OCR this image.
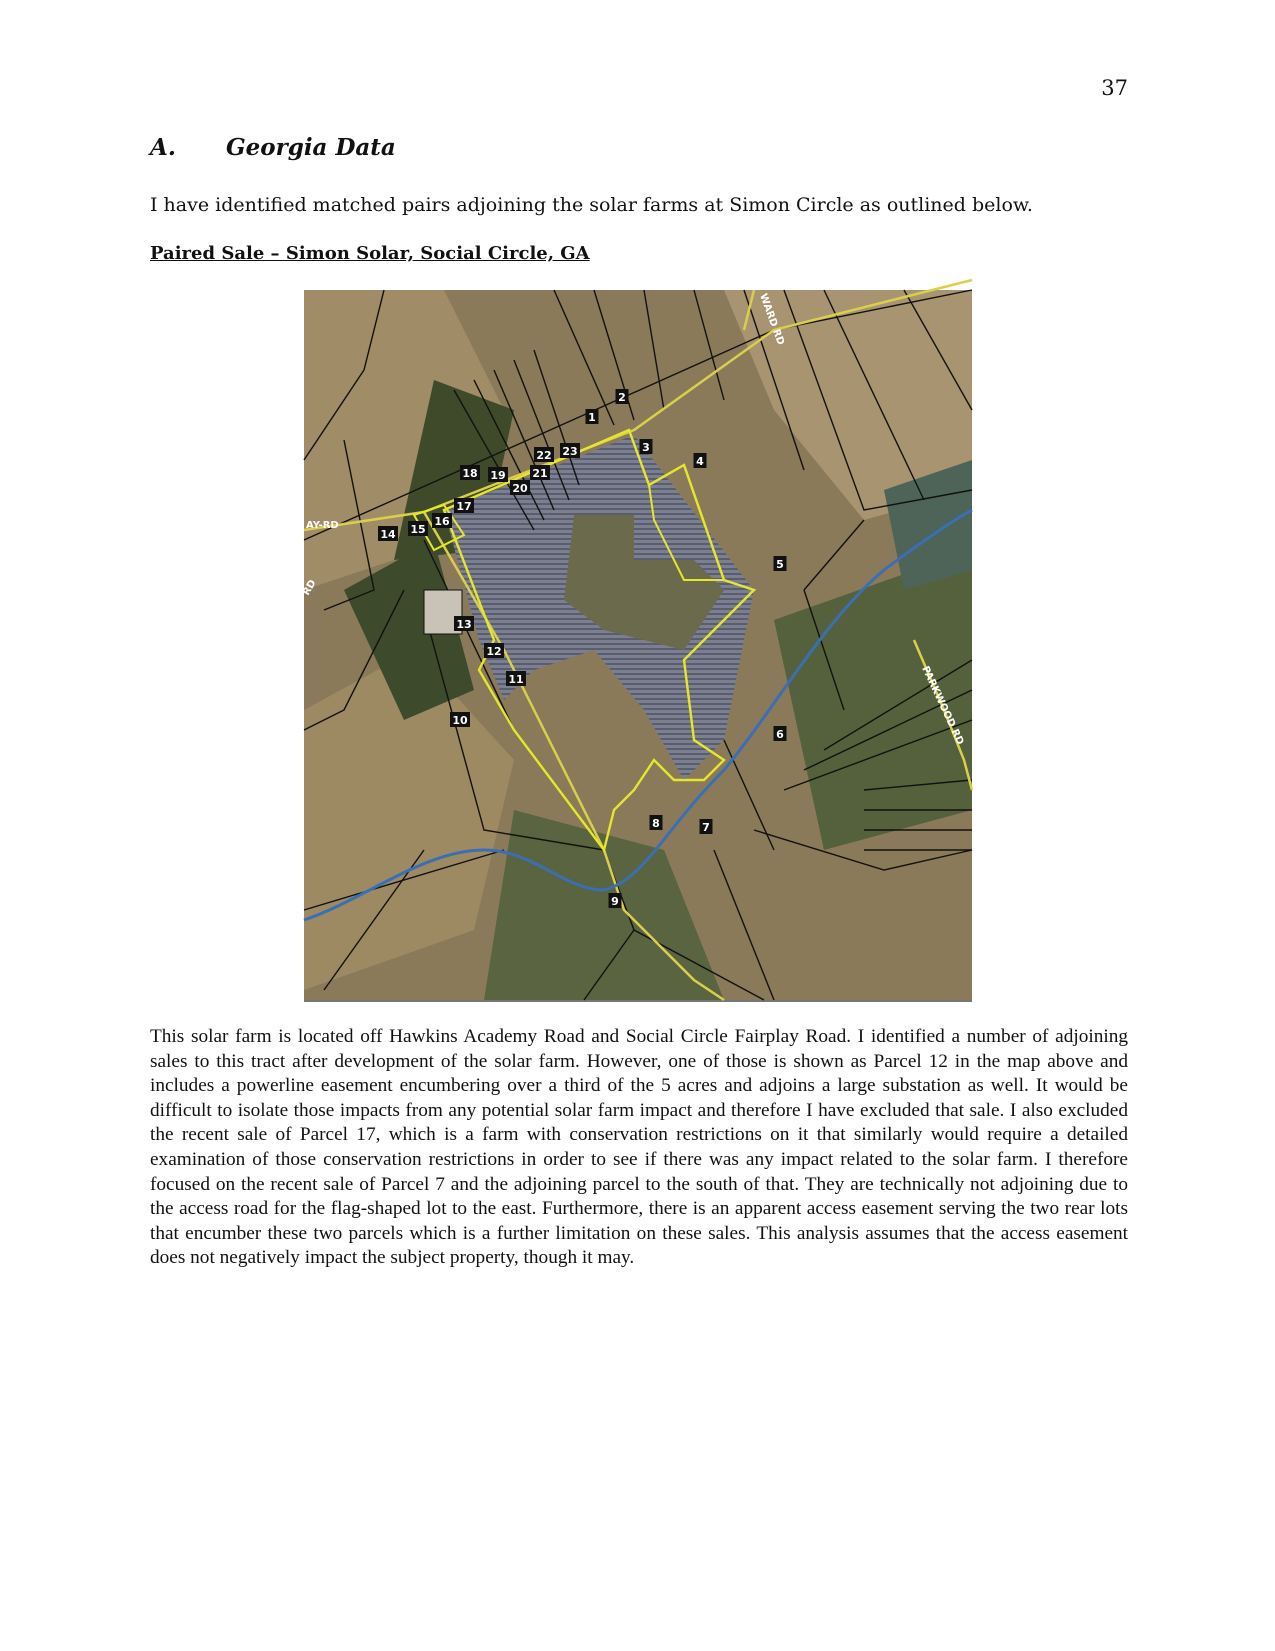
37
A. Georgia Data
I have identified matched pairs adjoining the solar farms at Simon Circle as outlined below.
Paired Sale – Simon Solar, Social Circle, GA
WARD RD
AY-RD
RD
PARKWOOD RD
1
2
3
4
5
6
7
8
9
10
11
12
13
14 15
16
17
18 19
20
21
22 23
This solar farm is located off Hawkins Academy Road and Social Circle Fairplay Road. I identified a number of adjoining sales to this tract after development of the solar farm. However, one of those is shown as Parcel 12 in the map above and includes a powerline easement encumbering over a third of the 5 acres and adjoins a large substation as well. It would be difficult to isolate those impacts from any potential solar farm impact and therefore I have excluded that sale. I also excluded the recent sale of Parcel 17, which is a farm with conservation restrictions on it that similarly would require a detailed examination of those conservation restrictions in order to see if there was any impact related to the solar farm. I therefore focused on the recent sale of Parcel 7 and the adjoining parcel to the south of that. They are technically not adjoining due to the access road for the flag-shaped lot to the east. Furthermore, there is an apparent access easement serving the two rear lots that encumber these two parcels which is a further limitation on these sales. This analysis assumes that the access easement does not negatively impact the subject property, though it may.
